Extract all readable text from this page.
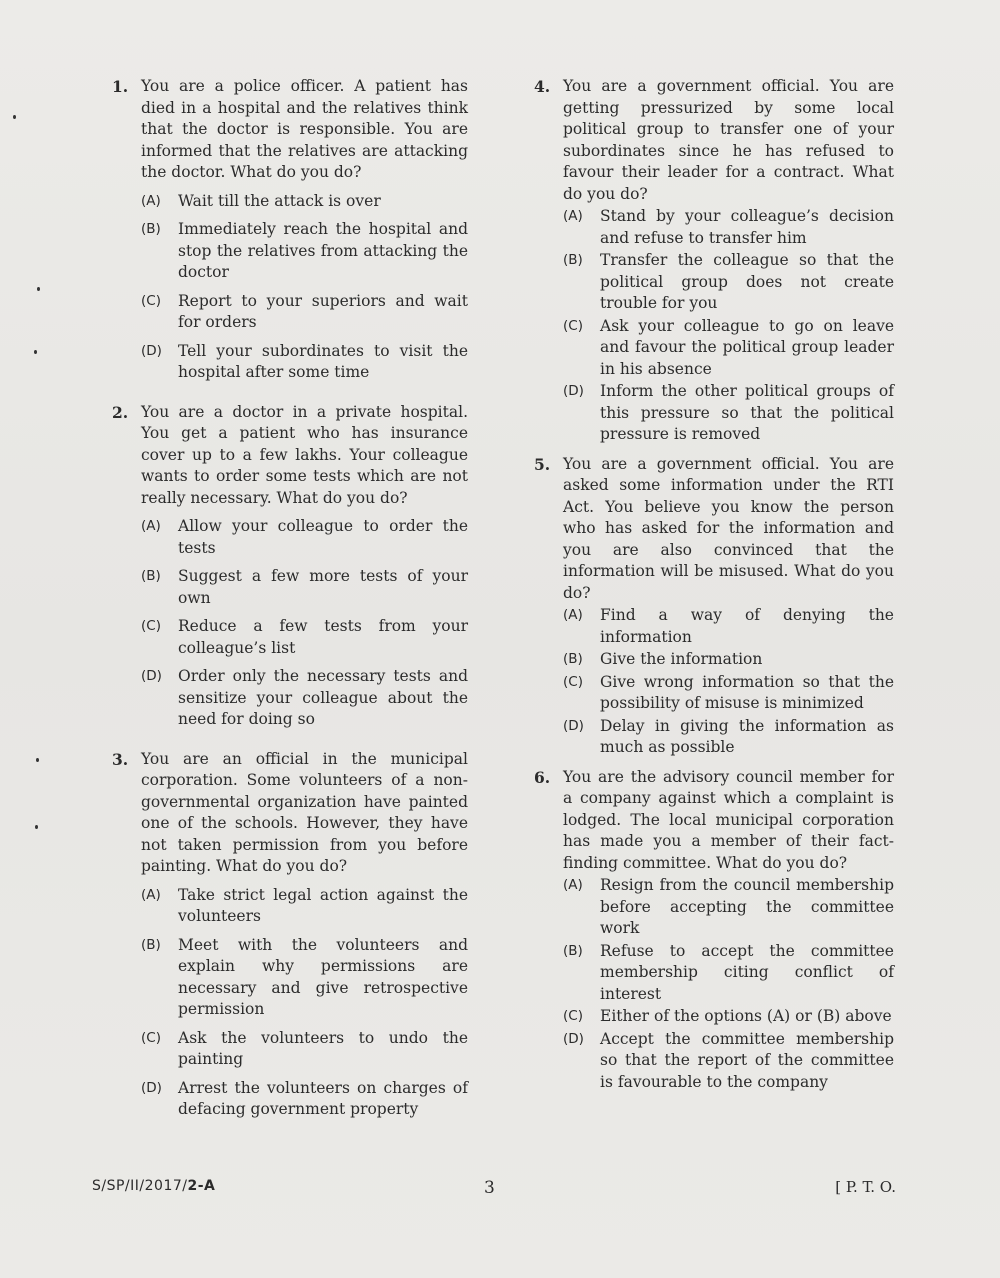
1. You are a police officer. A patient has died in a hospital and the relatives think that the doctor is responsible. You are informed that the relatives are attacking the doctor. What do you do?
(A)	Wait till the attack is over
(B)	Immediately reach the hospital and stop the relatives from attacking the doctor
(C)	Report to your superiors and wait for orders
(D)	Tell your subordinates to visit the hospital after some time
2. You are a doctor in a private hospital. You get a patient who has insurance cover up to a few lakhs. Your colleague wants to order some tests which are not really necessary. What do you do?
(A)	Allow your colleague to order the tests
(B)	Suggest a few more tests of your own
(C)	Reduce a few tests from your colleague’s list
(D)	Order only the necessary tests and sensitize your colleague about the need for doing so
3. You are an official in the municipal corporation. Some volunteers of a non-governmental organization have painted one of the schools. However, they have not taken permission from you before painting. What do you do?
(A)	Take strict legal action against the volunteers
(B)	Meet with the volunteers and explain why permissions are necessary and give retrospective permission
(C)	Ask the volunteers to undo the painting
(D)	Arrest the volunteers on charges of defacing government property
4. You are a government official. You are getting pressurized by some local political group to transfer one of your subordinates since he has refused to favour their leader for a contract. What do you do?
(A)	Stand by your colleague’s decision and refuse to transfer him
(B)	Transfer the colleague so that the political group does not create trouble for you
(C)	Ask your colleague to go on leave and favour the political group leader in his absence
(D)	Inform the other political groups of this pressure so that the political pressure is removed
5. You are a government official. You are asked some information under the RTI Act. You believe you know the person who has asked for the information and you are also convinced that the information will be misused. What do you do?
(A)	Find a way of denying the information
(B)	Give the information
(C)	Give wrong information so that the possibility of misuse is minimized
(D)	Delay in giving the information as much as possible
6. You are the advisory council member for a company against which a complaint is lodged. The local municipal corporation has made you a member of their fact-finding committee. What do you do?
(A)	Resign from the council membership before accepting the committee work
(B)	Refuse to accept the committee membership citing conflict of interest
(C)	Either of the options (A) or (B) above
(D)	Accept the committee membership so that the report of the committee is favourable to the company
S/SP/II/2017/2-A	3	[ P. T. O.
